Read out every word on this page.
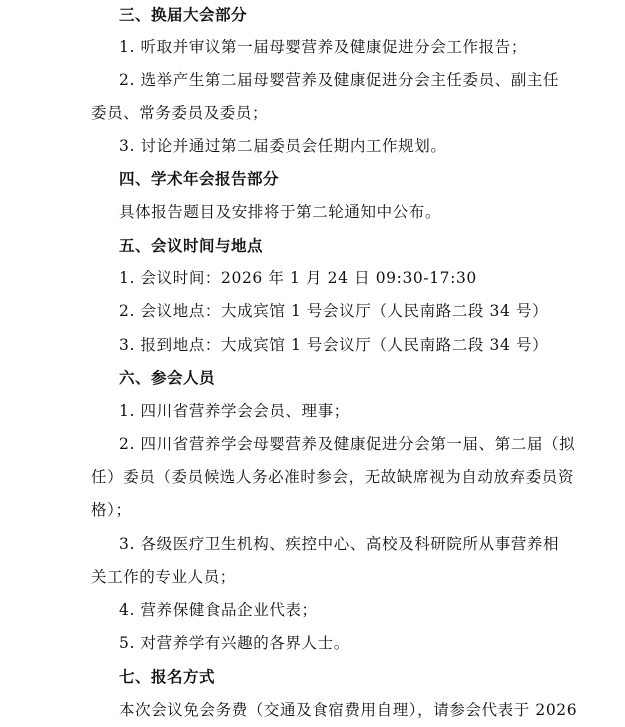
三、换届大会部分
1. 听取并审议第一届母婴营养及健康促进分会工作报告；
2. 选举产生第二届母婴营养及健康促进分会主任委员、副主任
委员、常务委员及委员；
3. 讨论并通过第二届委员会任期内工作规划。
四、学术年会报告部分
具体报告题目及安排将于第二轮通知中公布。
五、会议时间与地点
1. 会议时间：2026 年 1 月 24 日 09:30-17:30
2. 会议地点：大成宾馆 1 号会议厅（人民南路二段 34 号）
3. 报到地点：大成宾馆 1 号会议厅（人民南路二段 34 号）
六、参会人员
1. 四川省营养学会会员、理事；
2. 四川省营养学会母婴营养及健康促进分会第一届、第二届（拟
任）委员（委员候选人务必准时参会，无故缺席视为自动放弃委员资
格）；
3. 各级医疗卫生机构、疾控中心、高校及科研院所从事营养相
关工作的专业人员；
4. 营养保健食品企业代表；
5. 对营养学有兴趣的各界人士。
七、报名方式
本次会议免会务费（交通及食宿费用自理），请参会代表于 2026
